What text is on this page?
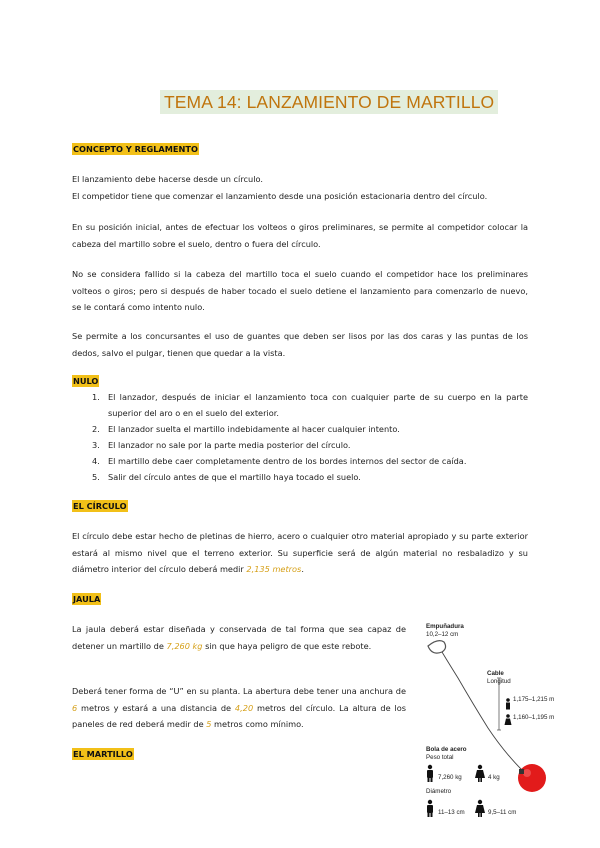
TEMA 14: LANZAMIENTO DE MARTILLO
CONCEPTO Y REGLAMENTO

El lanzamiento debe hacerse desde un círculo.
El competidor tiene que comenzar el lanzamiento desde una posición estacionaria dentro del círculo.

En su posición inicial, antes de efectuar los volteos o giros preliminares, se permite al competidor colocar la cabeza del martillo sobre el suelo, dentro o fuera del círculo.

No se considera fallido si la cabeza del martillo toca el suelo cuando el competidor hace los preliminares volteos o giros; pero si después de haber tocado el suelo detiene el lanzamiento para comenzarlo de nuevo, se le contará como intento nulo.

Se permite a los concursantes el uso de guantes que deben ser lisos por las dos caras y las puntas de los dedos, salvo el pulgar, tienen que quedar a la vista.

NULO
1. El lanzador, después de iniciar el lanzamiento toca con cualquier parte de su cuerpo en la parte superior del aro o en el suelo del exterior.
2. El lanzador suelta el martillo indebidamente al hacer cualquier intento.
3. El lanzador no sale por la parte media posterior del círculo.
4. El martillo debe caer completamente dentro de los bordes internos del sector de caída.
5. Salir del círculo antes de que el martillo haya tocado el suelo.
EL CÍRCULO

El círculo debe estar hecho de pletinas de hierro, acero o cualquier otro material apropiado y su parte exterior estará al mismo nivel que el terreno exterior. Su superficie será de algún material no resbaladizo y su diámetro interior del círculo deberá medir 2,135 metros.

JAULA

La jaula deberá estar diseñada y conservada de tal forma que sea capaz de detener un martillo de 7,260 kg sin que haya peligro de que este rebote.

Deberá tener forma de “U” en su planta. La abertura debe tener una anchura de 6 metros y estará a una distancia de 4,20 metros del círculo. La altura de los paneles de red deberá medir de 5 metros como mínimo.

EL MARTILLO
Empuñadura
10,2–12 cm
Cable
Longitud
1,175–1,215 m
1,160–1,195 m
Bola de acero
Peso total
7,260 kg	4 kg
Diámetro
11–13 cm	9,5–11 cm
